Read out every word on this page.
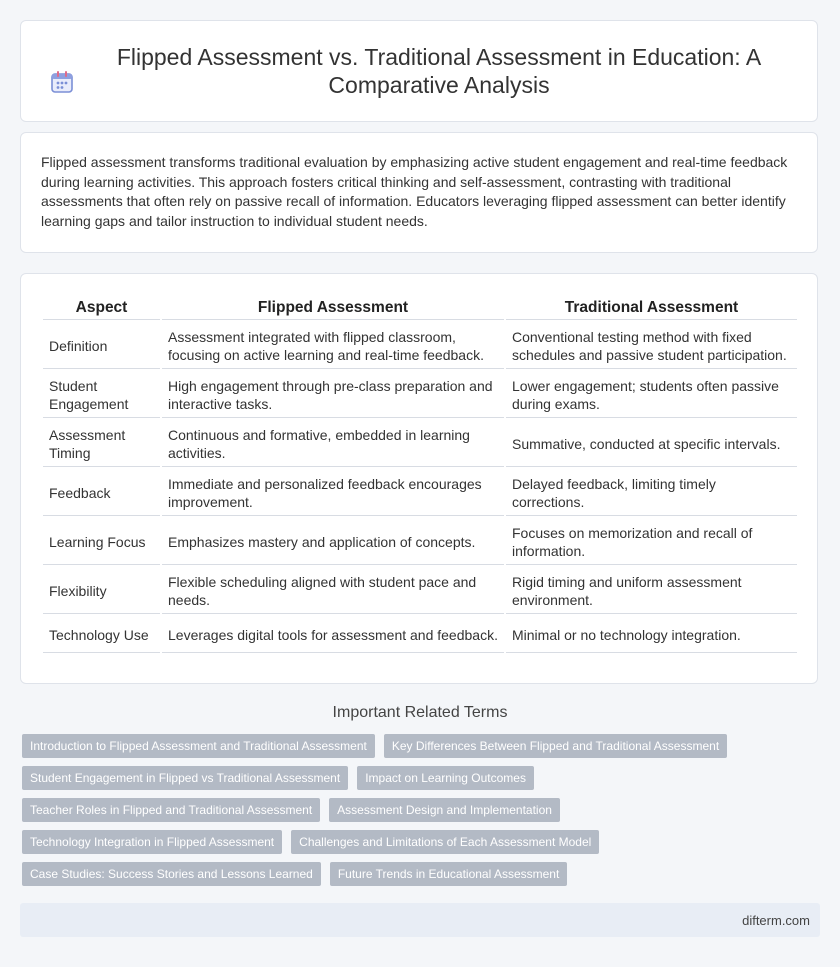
Flipped Assessment vs. Traditional Assessment in Education: A Comparative Analysis

Flipped assessment transforms traditional evaluation by emphasizing active student engagement and real-time feedback during learning activities. This approach fosters critical thinking and self-assessment, contrasting with traditional assessments that often rely on passive recall of information. Educators leveraging flipped assessment can better identify learning gaps and tailor instruction to individual student needs.

Aspect	Flipped Assessment	Traditional Assessment
Definition	Assessment integrated with flipped classroom, focusing on active learning and real-time feedback.	Conventional testing method with fixed schedules and passive student participation.
Student Engagement	High engagement through pre-class preparation and interactive tasks.	Lower engagement; students often passive during exams.
Assessment Timing	Continuous and formative, embedded in learning activities.	Summative, conducted at specific intervals.
Feedback	Immediate and personalized feedback encourages improvement.	Delayed feedback, limiting timely corrections.
Learning Focus	Emphasizes mastery and application of concepts.	Focuses on memorization and recall of information.
Flexibility	Flexible scheduling aligned with student pace and needs.	Rigid timing and uniform assessment environment.
Technology Use	Leverages digital tools for assessment and feedback.	Minimal or no technology integration.
Important Related Terms
Introduction to Flipped Assessment and Traditional Assessment	Key Differences Between Flipped and Traditional Assessment
Student Engagement in Flipped vs Traditional Assessment	Impact on Learning Outcomes
Teacher Roles in Flipped and Traditional Assessment	Assessment Design and Implementation
Technology Integration in Flipped Assessment	Challenges and Limitations of Each Assessment Model
Case Studies: Success Stories and Lessons Learned	Future Trends in Educational Assessment
difterm.com
